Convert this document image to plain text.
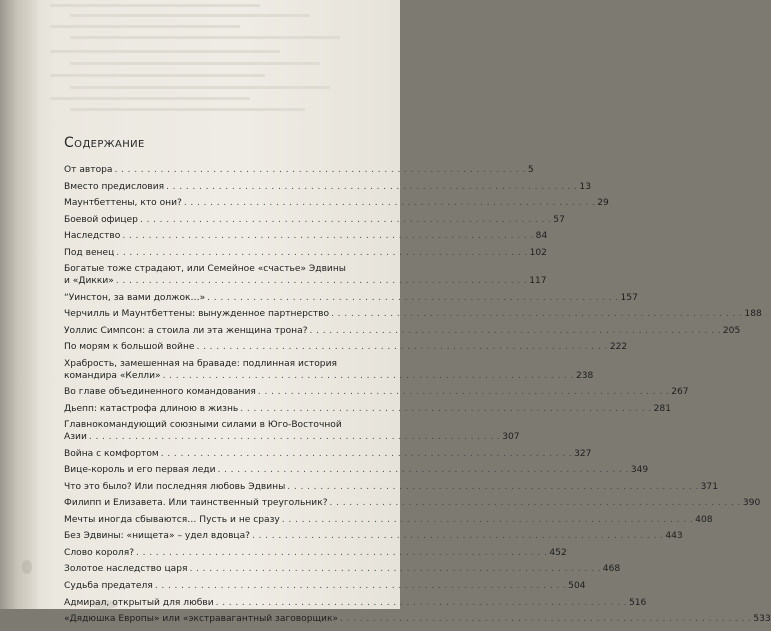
Содержание
От автора . . . . . . . . . . . . . . . . . . . . . . . . . . . . . . . . . . . . . . . . . . . . . . . . . . . . . . . . . . . . . . . 5
Вместо предисловия . . . . . . . . . . . . . . . . . . . . . . . . . . . . . . . . . . . . . . . . . . . . . . . . . . . . . . . . . . . . . . . 13
Маунтбеттены, кто они? . . . . . . . . . . . . . . . . . . . . . . . . . . . . . . . . . . . . . . . . . . . . . . . . . . . . . . . . . . . . . . . 29
Боевой офицер . . . . . . . . . . . . . . . . . . . . . . . . . . . . . . . . . . . . . . . . . . . . . . . . . . . . . . . . . . . . . . . 57
Наследство . . . . . . . . . . . . . . . . . . . . . . . . . . . . . . . . . . . . . . . . . . . . . . . . . . . . . . . . . . . . . . . 84
Под венец . . . . . . . . . . . . . . . . . . . . . . . . . . . . . . . . . . . . . . . . . . . . . . . . . . . . . . . . . . . . . . . 102
Богатые тоже страдают, или Семейное «счастье» Эдвины
и «Дикки» . . . . . . . . . . . . . . . . . . . . . . . . . . . . . . . . . . . . . . . . . . . . . . . . . . . . . . . . . . . . . . . 117
“Уинстон, за вами должок…» . . . . . . . . . . . . . . . . . . . . . . . . . . . . . . . . . . . . . . . . . . . . . . . . . . . . . . . . . . . . . . . 157
Черчилль и Маунтбеттены: вынужденное партнерство . . . . . . . . . . . . . . . . . . . . . . . . . . . . . . . . . . . . . . . . . . . . . . . . . . . . . . . . . . . . . . . 188
Уоллис Симпсон: а стоила ли эта женщина трона? . . . . . . . . . . . . . . . . . . . . . . . . . . . . . . . . . . . . . . . . . . . . . . . . . . . . . . . . . . . . . . . 205
По морям к большой войне . . . . . . . . . . . . . . . . . . . . . . . . . . . . . . . . . . . . . . . . . . . . . . . . . . . . . . . . . . . . . . . 222
Храбрость, замешенная на браваде: подлинная история
командира «Келли» . . . . . . . . . . . . . . . . . . . . . . . . . . . . . . . . . . . . . . . . . . . . . . . . . . . . . . . . . . . . . . . 238
Во главе объединенного командования . . . . . . . . . . . . . . . . . . . . . . . . . . . . . . . . . . . . . . . . . . . . . . . . . . . . . . . . . . . . . . . 267
Дьепп: катастрофа длиною в жизнь . . . . . . . . . . . . . . . . . . . . . . . . . . . . . . . . . . . . . . . . . . . . . . . . . . . . . . . . . . . . . . . 281
Главнокомандующий союзными силами в Юго-Восточной
Азии . . . . . . . . . . . . . . . . . . . . . . . . . . . . . . . . . . . . . . . . . . . . . . . . . . . . . . . . . . . . . . . 307
Война с комфортом . . . . . . . . . . . . . . . . . . . . . . . . . . . . . . . . . . . . . . . . . . . . . . . . . . . . . . . . . . . . . . . 327
Вице-король и его первая леди . . . . . . . . . . . . . . . . . . . . . . . . . . . . . . . . . . . . . . . . . . . . . . . . . . . . . . . . . . . . . . . 349
Что это было? Или последняя любовь Эдвины . . . . . . . . . . . . . . . . . . . . . . . . . . . . . . . . . . . . . . . . . . . . . . . . . . . . . . . . . . . . . . . 371
Филипп и Елизавета. Или таинственный треугольник? . . . . . . . . . . . . . . . . . . . . . . . . . . . . . . . . . . . . . . . . . . . . . . . . . . . . . . . . . . . . . . . 390
Мечты иногда сбываются… Пусть и не сразу . . . . . . . . . . . . . . . . . . . . . . . . . . . . . . . . . . . . . . . . . . . . . . . . . . . . . . . . . . . . . . . 408
Без Эдвины: «нищета» – удел вдовца? . . . . . . . . . . . . . . . . . . . . . . . . . . . . . . . . . . . . . . . . . . . . . . . . . . . . . . . . . . . . . . . 443
Слово короля? . . . . . . . . . . . . . . . . . . . . . . . . . . . . . . . . . . . . . . . . . . . . . . . . . . . . . . . . . . . . . . . 452
Золотое наследство царя . . . . . . . . . . . . . . . . . . . . . . . . . . . . . . . . . . . . . . . . . . . . . . . . . . . . . . . . . . . . . . . 468
Судьба предателя . . . . . . . . . . . . . . . . . . . . . . . . . . . . . . . . . . . . . . . . . . . . . . . . . . . . . . . . . . . . . . . 504
Адмирал, открытый для любви . . . . . . . . . . . . . . . . . . . . . . . . . . . . . . . . . . . . . . . . . . . . . . . . . . . . . . . . . . . . . . . 516
«Дядюшка Европы» или «экстравагантный заговорщик» . . . . . . . . . . . . . . . . . . . . . . . . . . . . . . . . . . . . . . . . . . . . . . . . . . . . . . . . . . . . . . . 533
